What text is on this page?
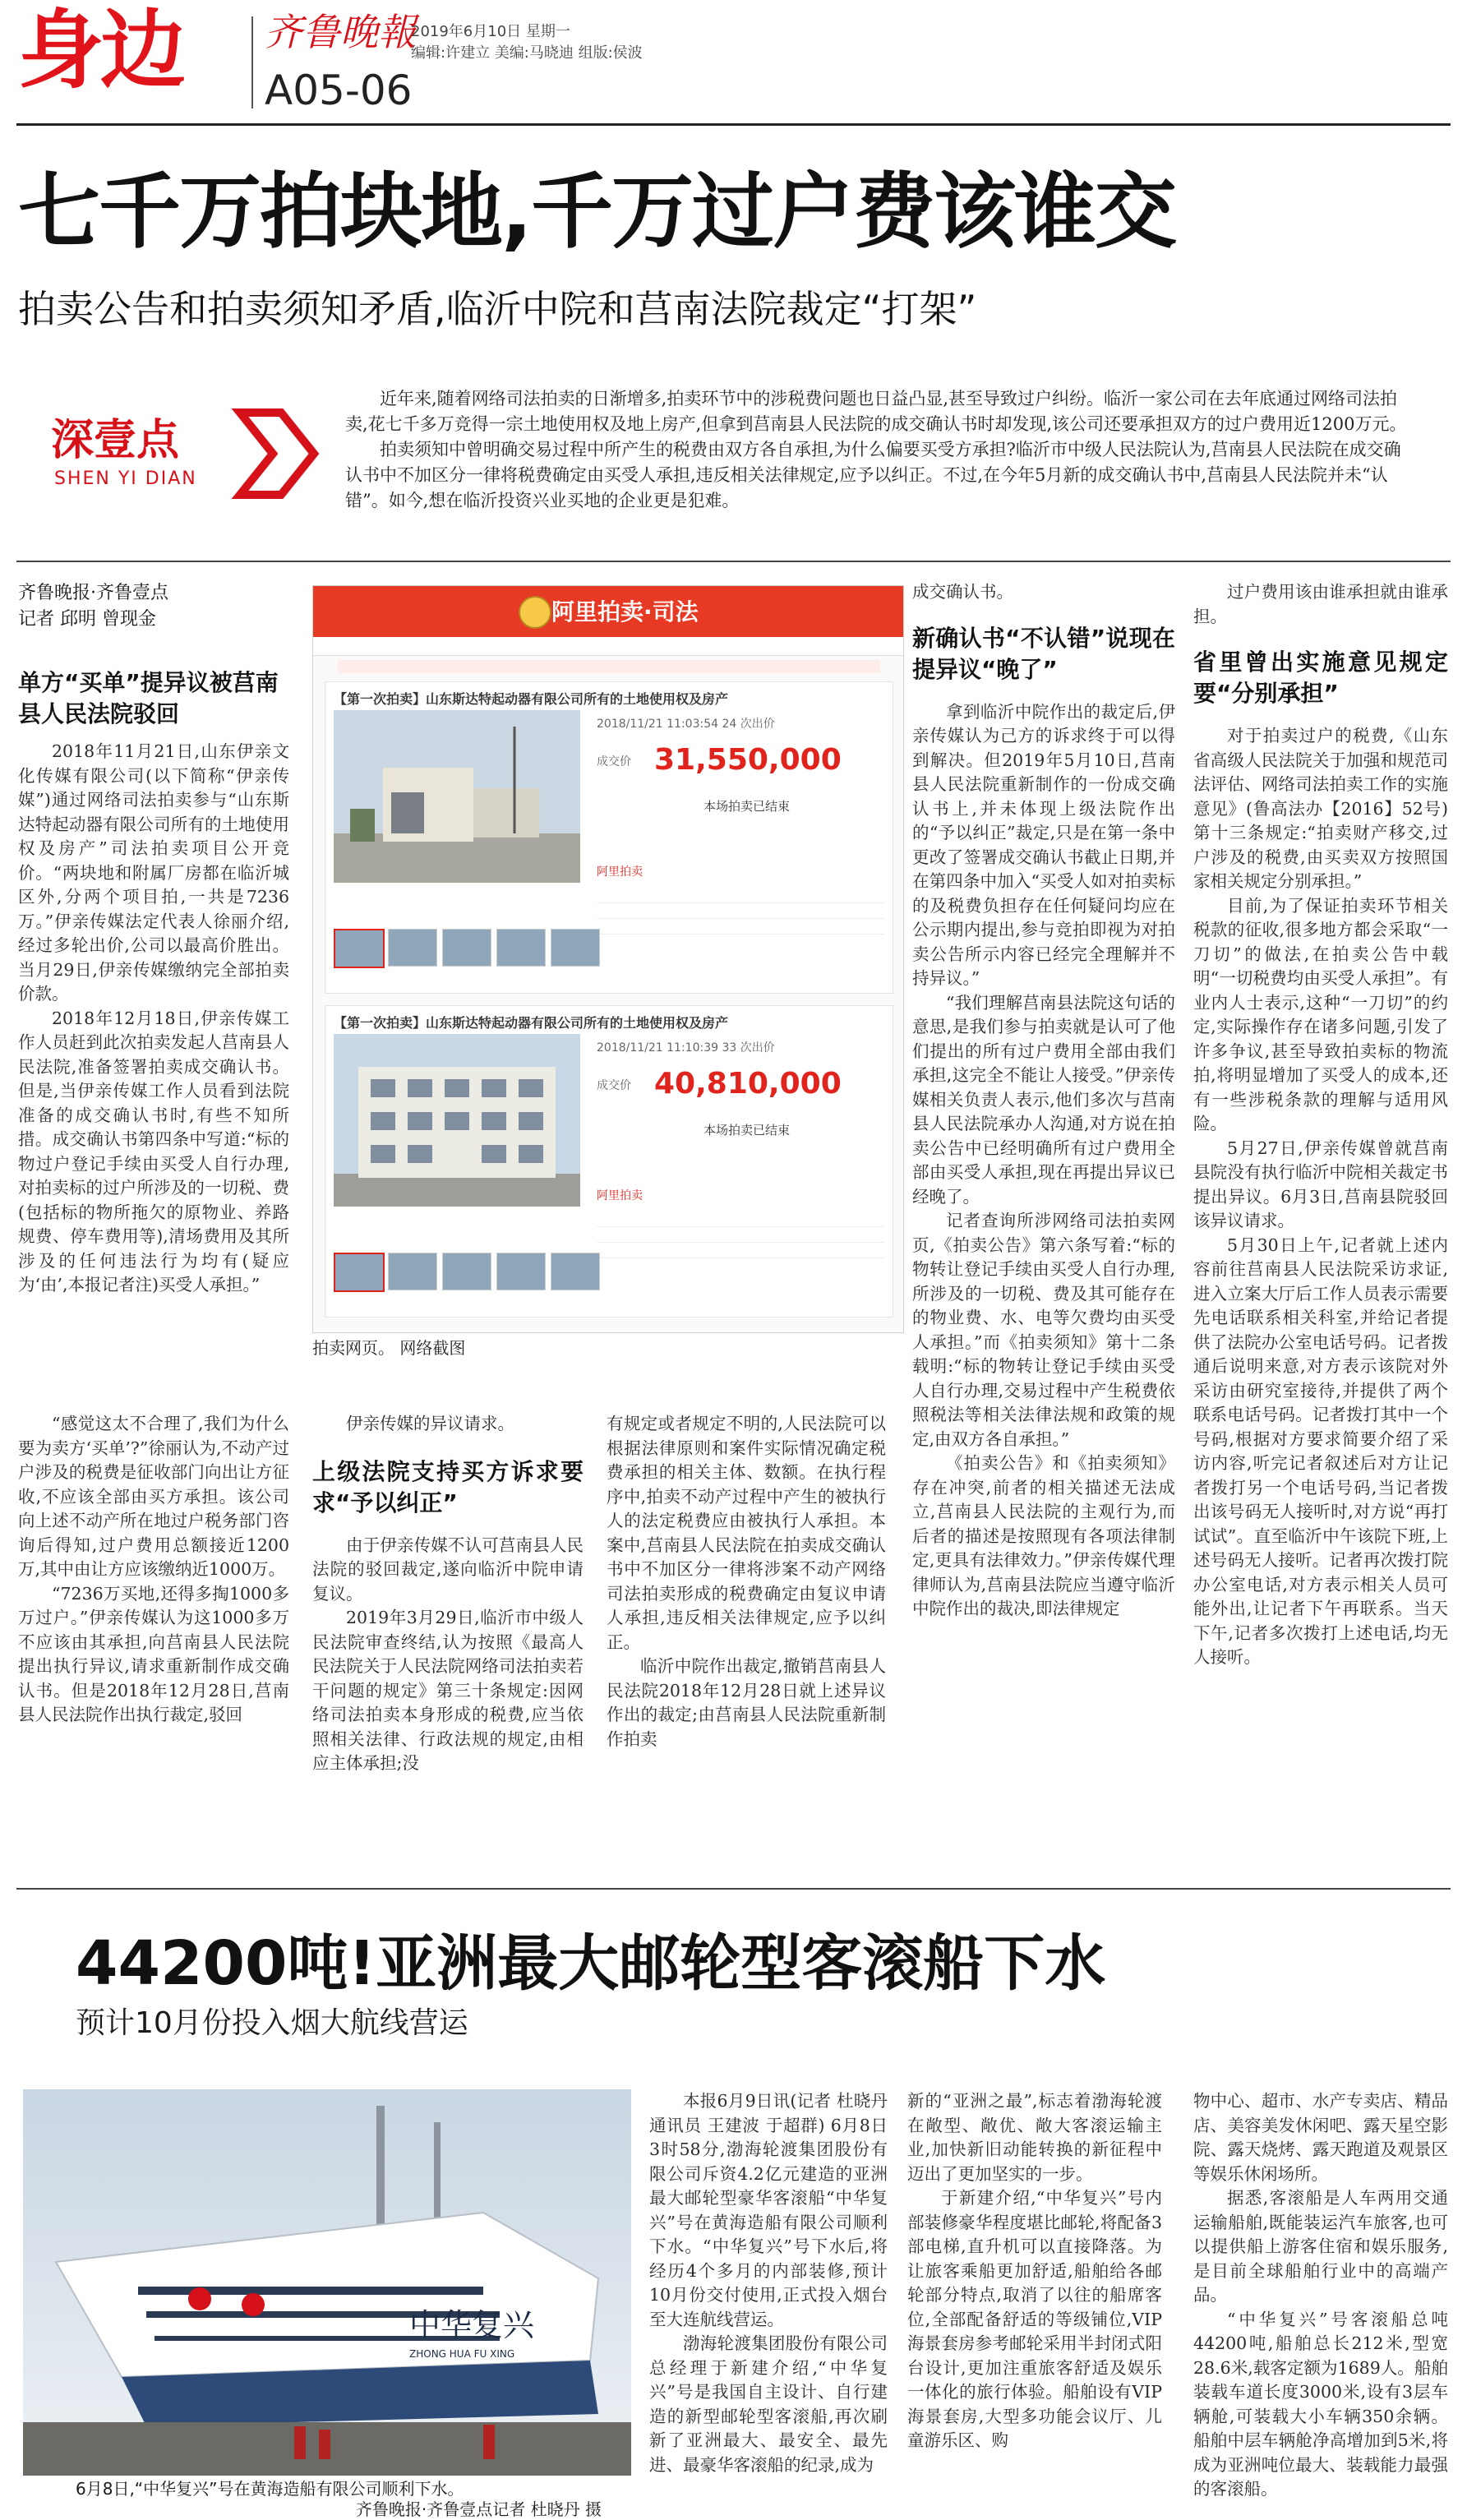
身边 齐鲁晚報
A05-06
2019年6月10日 星期一
编辑:许建立 美编:马晓迪 组版:侯波
七千万拍块地,千万过户费该谁交
拍卖公告和拍卖须知矛盾,临沂中院和莒南法院裁定“打架”
深壹点
SHEN YI DIAN

近年来,随着网络司法拍卖的日渐增多,拍卖环节中的涉税费问题也日益凸显,甚至导致过户纠纷。临沂一家公司在去年底通过网络司法拍卖,花七千多万竞得一宗土地使用权及地上房产,但拿到莒南县人民法院的成交确认书时却发现,该公司还要承担双方的过户费用近1200万元。

拍卖须知中曾明确交易过程中所产生的税费由双方各自承担,为什么偏要买受方承担?临沂市中级人民法院认为,莒南县人民法院在成交确认书中不加区分一律将税费确定由买受人承担,违反相关法律规定,应予以纠正。不过,在今年5月新的成交确认书中,莒南县人民法院并未“认错”。如今,想在临沂投资兴业买地的企业更是犯难。

齐鲁晚报·齐鲁壹点
记者 邱明 曾现金
单方“买单”提异议被莒南县人民法院驳回

2018年11月21日,山东伊亲文化传媒有限公司(以下简称“伊亲传媒”)通过网络司法拍卖参与“山东斯达特起动器有限公司所有的土地使用权及房产”司法拍卖项目公开竞价。“两块地和附属厂房都在临沂城区外,分两个项目拍,一共是7236万。”伊亲传媒法定代表人徐丽介绍,经过多轮出价,公司以最高价胜出。当月29日,伊亲传媒缴纳完全部拍卖价款。

2018年12月18日,伊亲传媒工作人员赶到此次拍卖发起人莒南县人民法院,准备签署拍卖成交确认书。但是,当伊亲传媒工作人员看到法院准备的成交确认书时,有些不知所措。成交确认书第四条中写道:“标的物过户登记手续由买受人自行办理,对拍卖标的过户所涉及的一切税、费(包括标的物所拖欠的原物业、养路规费、停车费用等),清场费用及其所涉及的任何违法行为均有(疑应为‘由’,本报记者注)买受人承担。”

阿里拍卖·司法
【第一次拍卖】山东斯达特起动器有限公司所有的土地使用权及房产
2018/11/21 11:03:54 24 次出价
成交价 31,550,000
本场拍卖已结束
阿里拍卖
【第一次拍卖】山东斯达特起动器有限公司所有的土地使用权及房产
2018/11/21 11:10:39 33 次出价
成交价 40,810,000
本场拍卖已结束
阿里拍卖
拍卖网页。 网络截图

“感觉这太不合理了,我们为什么要为卖方‘买单’?”徐丽认为,不动产过户涉及的税费是征收部门向出让方征收,不应该全部由买方承担。该公司向上述不动产所在地过户税务部门咨询后得知,过户费用总额接近1200万,其中由让方应该缴纳近1000万。

“7236万买地,还得多掏1000多万过户。”伊亲传媒认为这1000多万不应该由其承担,向莒南县人民法院提出执行异议,请求重新制作成交确认书。但是2018年12月28日,莒南县人民法院作出执行裁定,驳回

伊亲传媒的异议请求。
上级法院支持买方诉求要求“予以纠正”

由于伊亲传媒不认可莒南县人民法院的驳回裁定,遂向临沂中院申请复议。

2019年3月29日,临沂市中级人民法院审查终结,认为按照《最高人民法院关于人民法院网络司法拍卖若干问题的规定》第三十条规定:因网络司法拍卖本身形成的税费,应当依照相关法律、行政法规的规定,由相应主体承担;没

有规定或者规定不明的,人民法院可以根据法律原则和案件实际情况确定税费承担的相关主体、数额。在执行程序中,拍卖不动产过程中产生的被执行人的法定税费应由被执行人承担。本案中,莒南县人民法院在拍卖成交确认书中不加区分一律将涉案不动产网络司法拍卖形成的税费确定由复议申请人承担,违反相关法律规定,应予以纠正。

临沂中院作出裁定,撤销莒南县人民法院2018年12月28日就上述异议作出的裁定;由莒南县人民法院重新制作拍卖

成交确认书。
新确认书“不认错”说现在提异议“晚了”

拿到临沂中院作出的裁定后,伊亲传媒认为己方的诉求终于可以得到解决。但2019年5月10日,莒南县人民法院重新制作的一份成交确认书上,并未体现上级法院作出的“予以纠正”裁定,只是在第一条中更改了签署成交确认书截止日期,并在第四条中加入“买受人如对拍卖标的及税费负担存在任何疑问均应在公示期内提出,参与竞拍即视为对拍卖公告所示内容已经完全理解并不持异议。”

“我们理解莒南县法院这句话的意思,是我们参与拍卖就是认可了他们提出的所有过户费用全部由我们承担,这完全不能让人接受。”伊亲传媒相关负责人表示,他们多次与莒南县人民法院承办人沟通,对方说在拍卖公告中已经明确所有过户费用全部由买受人承担,现在再提出异议已经晚了。

记者查询所涉网络司法拍卖网页,《拍卖公告》第六条写着:“标的物转让登记手续由买受人自行办理,所涉及的一切税、费及其可能存在的物业费、水、电等欠费均由买受人承担。”而《拍卖须知》第十二条载明:“标的物转让登记手续由买受人自行办理,交易过程中产生税费依照税法等相关法律法规和政策的规定,由双方各自承担。”

《拍卖公告》和《拍卖须知》存在冲突,前者的相关描述无法成立,莒南县人民法院的主观行为,而后者的描述是按照现有各项法律制定,更具有法律效力。”伊亲传媒代理律师认为,莒南县法院应当遵守临沂中院作出的裁决,即法律规定

过户费用该由谁承担就由谁承担。
省里曾出实施意见规定要“分别承担”

对于拍卖过户的税费,《山东省高级人民法院关于加强和规范司法评估、网络司法拍卖工作的实施意见》(鲁高法办【2016】52号)第十三条规定:“拍卖财产移交,过户涉及的税费,由买卖双方按照国家相关规定分别承担。”

目前,为了保证拍卖环节相关税款的征收,很多地方都会采取“一刀切”的做法,在拍卖公告中载明“一切税费均由买受人承担”。有业内人士表示,这种“一刀切”的约定,实际操作存在诸多问题,引发了许多争议,甚至导致拍卖标的物流拍,将明显增加了买受人的成本,还有一些涉税条款的理解与适用风险。

5月27日,伊亲传媒曾就莒南县院没有执行临沂中院相关裁定书提出异议。6月3日,莒南县院驳回该异议请求。

5月30日上午,记者就上述内容前往莒南县人民法院采访求证,进入立案大厅后工作人员表示需要先电话联系相关科室,并给记者提供了法院办公室电话号码。记者拨通后说明来意,对方表示该院对外采访由研究室接待,并提供了两个联系电话号码。记者拨打其中一个号码,根据对方要求简要介绍了采访内容,听完记者叙述后对方让记者拨打另一个电话号码,当记者拨出该号码无人接听时,对方说“再打试试”。直至临沂中午该院下班,上述号码无人接听。记者再次拨打院办公室电话,对方表示相关人员可能外出,让记者下午再联系。当天下午,记者多次拨打上述电话,均无人接听。

44200吨!亚洲最大邮轮型客滚船下水
预计10月份投入烟大航线营运
中华复兴
ZHONG HUA FU XING
6月8日,“中华复兴”号在黄海造船有限公司顺利下水。
齐鲁晚报·齐鲁壹点记者 杜晓丹 摄
本报6月9日讯(记者 杜晓丹 通讯员 王建波 于超群) 6月8日3时58分,渤海轮渡集团股份有限公司斥资4.2亿元建造的亚洲最大邮轮型豪华客滚船“中华复兴”号在黄海造船有限公司顺利下水。“中华复兴”号下水后,将经历4个多月的内部装修,预计10月份交付使用,正式投入烟台至大连航线营运。

渤海轮渡集团股份有限公司总经理于新建介绍,“中华复兴”号是我国自主设计、自行建造的新型邮轮型客滚船,再次刷新了亚洲最大、最安全、最先进、最豪华客滚船的纪录,成为

新的“亚洲之最”,标志着渤海轮渡在敞型、敞优、敞大客滚运输主业,加快新旧动能转换的新征程中迈出了更加坚实的一步。

于新建介绍,“中华复兴”号内部装修豪华程度堪比邮轮,将配备3部电梯,直升机可以直接降落。为让旅客乘船更加舒适,船舶给各邮轮部分特点,取消了以往的船席客位,全部配备舒适的等级铺位,VIP海景套房参考邮轮采用半封闭式阳台设计,更加注重旅客舒适及娱乐一体化的旅行体验。船舶设有VIP海景套房,大型多功能会议厅、儿童游乐区、购

物中心、超市、水产专卖店、精品店、美容美发休闲吧、露天星空影院、露天烧烤、露天跑道及观景区等娱乐休闲场所。

据悉,客滚船是人车两用交通运输船舶,既能装运汽车旅客,也可以提供船上游客住宿和娱乐服务,是目前全球船舶行业中的高端产品。

“中华复兴”号客滚船总吨44200吨,船舶总长212米,型宽28.6米,载客定额为1689人。船舶装载车道长度3000米,设有3层车辆舱,可装载大小车辆350余辆。船舶中层车辆舱净高增加到5米,将成为亚洲吨位最大、装载能力最强的客滚船。
